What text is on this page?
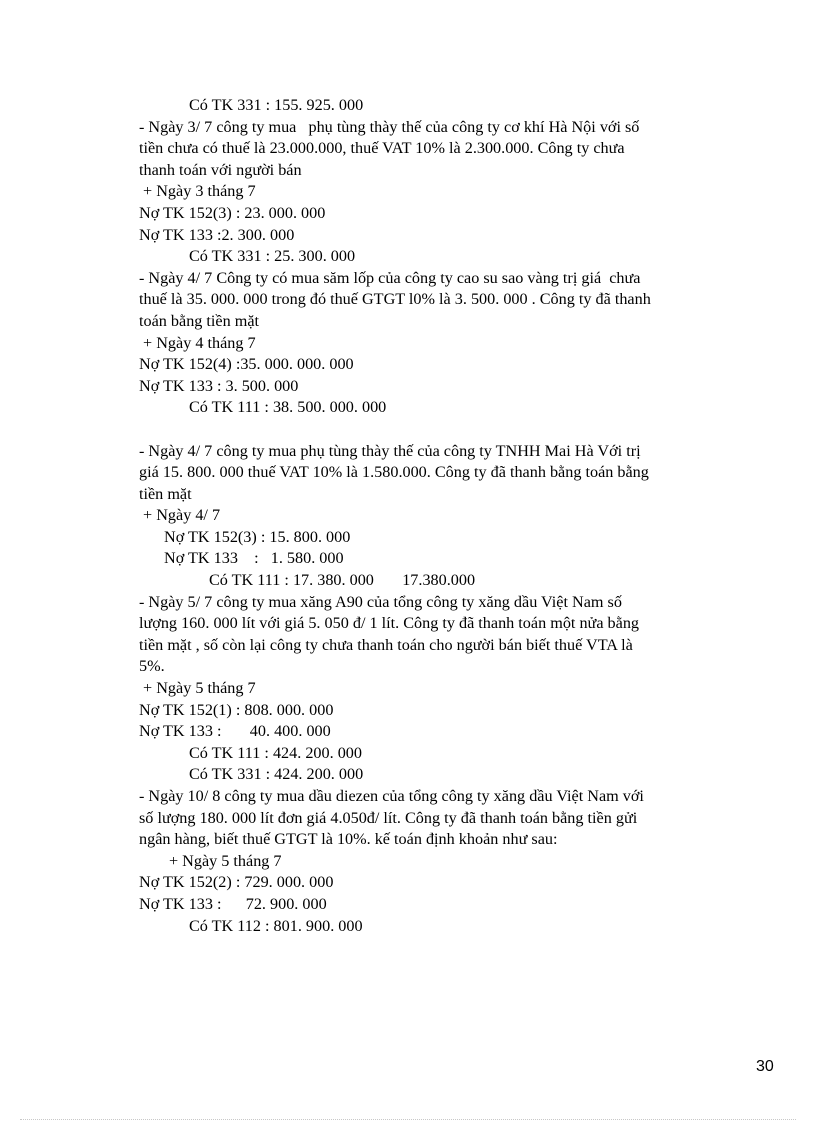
Có TK 331 : 155. 925. 000
- Ngày 3/ 7 công ty mua   phụ tùng thày thế của công ty cơ khí Hà Nội với số
tiền chưa có thuế là 23.000.000, thuế VAT 10% là 2.300.000. Công ty chưa
thanh toán với người bán
+ Ngày 3 tháng 7
Nợ TK 152(3) : 23. 000. 000
Nợ TK 133 :2. 300. 000
Có TK 331 : 25. 300. 000
- Ngày 4/ 7 Công ty có mua săm lốp của công ty cao su sao vàng trị giá  chưa
thuế là 35. 000. 000 trong đó thuế GTGT l0% là 3. 500. 000 . Công ty đã thanh
toán bằng tiền mặt
+ Ngày 4 tháng 7
Nợ TK 152(4) :35. 000. 000. 000
Nợ TK 133 : 3. 500. 000
Có TK 111 : 38. 500. 000. 000
- Ngày 4/ 7 công ty mua phụ tùng thày thế của công ty TNHH Mai Hà Với trị
giá 15. 800. 000 thuế VAT 10% là 1.580.000. Công ty đã thanh bằng toán bằng
tiền mặt
+ Ngày 4/ 7
Nợ TK 152(3) : 15. 800. 000
Nợ TK 133    :   1. 580. 000
Có TK 111 : 17. 380. 000       17.380.000
- Ngày 5/ 7 công ty mua xăng A90 của tổng công ty xăng dầu Việt Nam số
lượng 160. 000 lít với giá 5. 050 đ/ 1 lít. Công ty đã thanh toán một nửa bằng
tiền mặt , số còn lại công ty chưa thanh toán cho người bán biết thuế VTA là
5%.
+ Ngày 5 tháng 7
Nợ TK 152(1) : 808. 000. 000
Nợ TK 133 :       40. 400. 000
Có TK 111 : 424. 200. 000
Có TK 331 : 424. 200. 000
- Ngày 10/ 8 công ty mua dầu diezen của tổng công ty xăng dầu Việt Nam với
số lượng 180. 000 lít đơn giá 4.050đ/ lít. Công ty đã thanh toán bằng tiền gửi
ngân hàng, biết thuế GTGT là 10%. kế toán định khoản như sau:
+ Ngày 5 tháng 7
Nợ TK 152(2) : 729. 000. 000
Nợ TK 133 :      72. 900. 000
Có TK 112 : 801. 900. 000
30
